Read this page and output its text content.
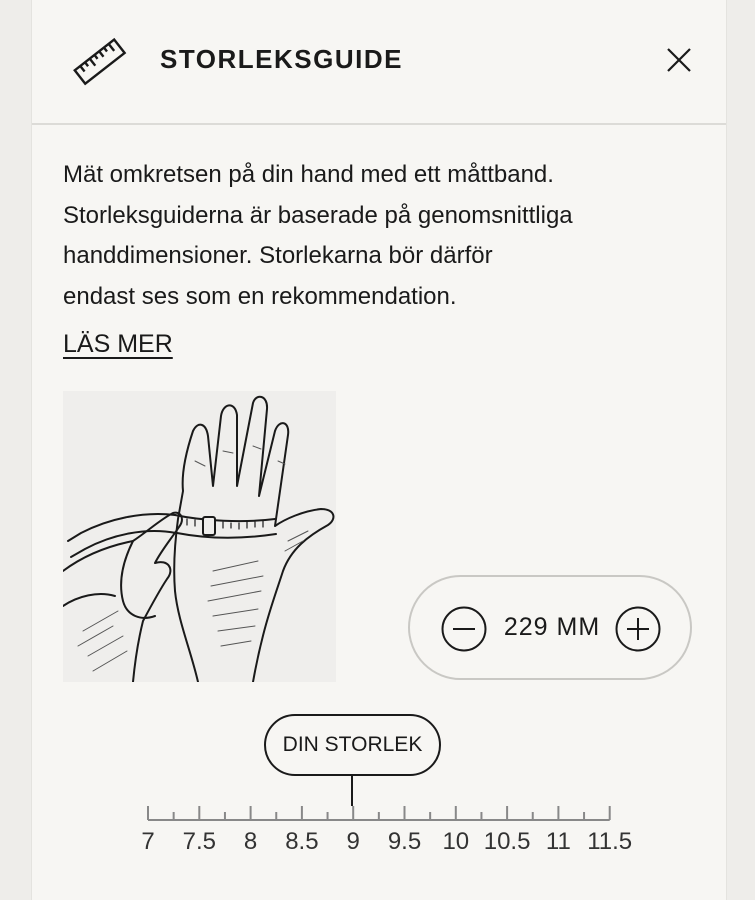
STORLEKSGUIDE
Mät omkretsen på din hand med ett måttband.
Storleksguiderna är baserade på genomsnittliga
handdimensioner. Storlekarna bör därför
endast ses som en rekommendation.
LÄS MER
229 MM
DIN STORLEK
7	7.5	8	8.5	9	9.5 10 10.5 11 11.5
